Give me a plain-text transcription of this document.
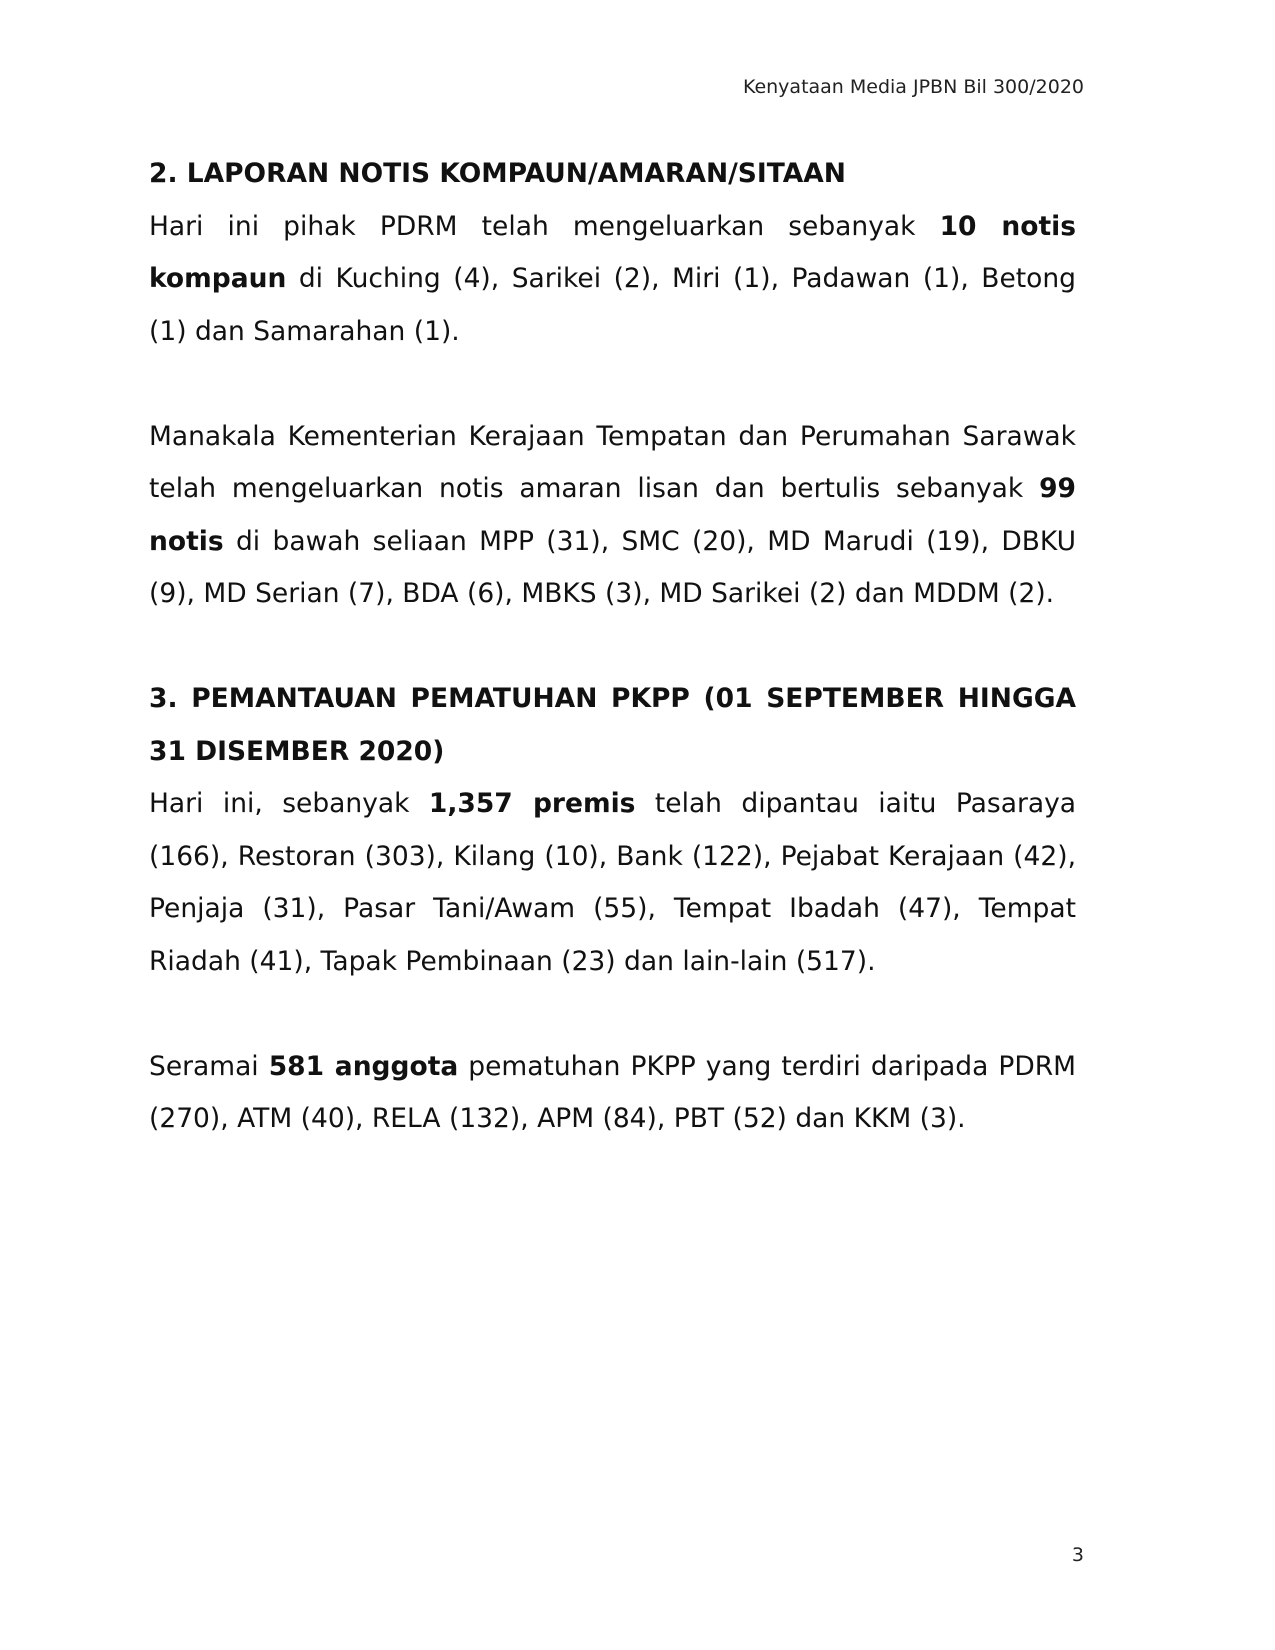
Kenyataan Media JPBN Bil 300/2020

2. LAPORAN NOTIS KOMPAUN/AMARAN/SITAAN

Hari ini pihak PDRM telah mengeluarkan sebanyak 10 notis kompaun di Kuching (4), Sarikei (2), Miri (1), Padawan (1), Betong (1) dan Samarahan (1).

Manakala Kementerian Kerajaan Tempatan dan Perumahan Sarawak telah mengeluarkan notis amaran lisan dan bertulis sebanyak 99 notis di bawah seliaan MPP (31), SMC (20), MD Marudi (19), DBKU (9), MD Serian (7), BDA (6), MBKS (3), MD Sarikei (2) dan MDDM (2).

3. PEMANTAUAN PEMATUHAN PKPP (01 SEPTEMBER HINGGA 31 DISEMBER 2020)

Hari ini, sebanyak 1,357 premis telah dipantau iaitu Pasaraya (166), Restoran (303), Kilang (10), Bank (122), Pejabat Kerajaan (42), Penjaja (31), Pasar Tani/Awam (55), Tempat Ibadah (47), Tempat Riadah (41), Tapak Pembinaan (23) dan lain-lain (517).

Seramai 581 anggota pematuhan PKPP yang terdiri daripada PDRM (270), ATM (40), RELA (132), APM (84), PBT (52) dan KKM (3).

3
